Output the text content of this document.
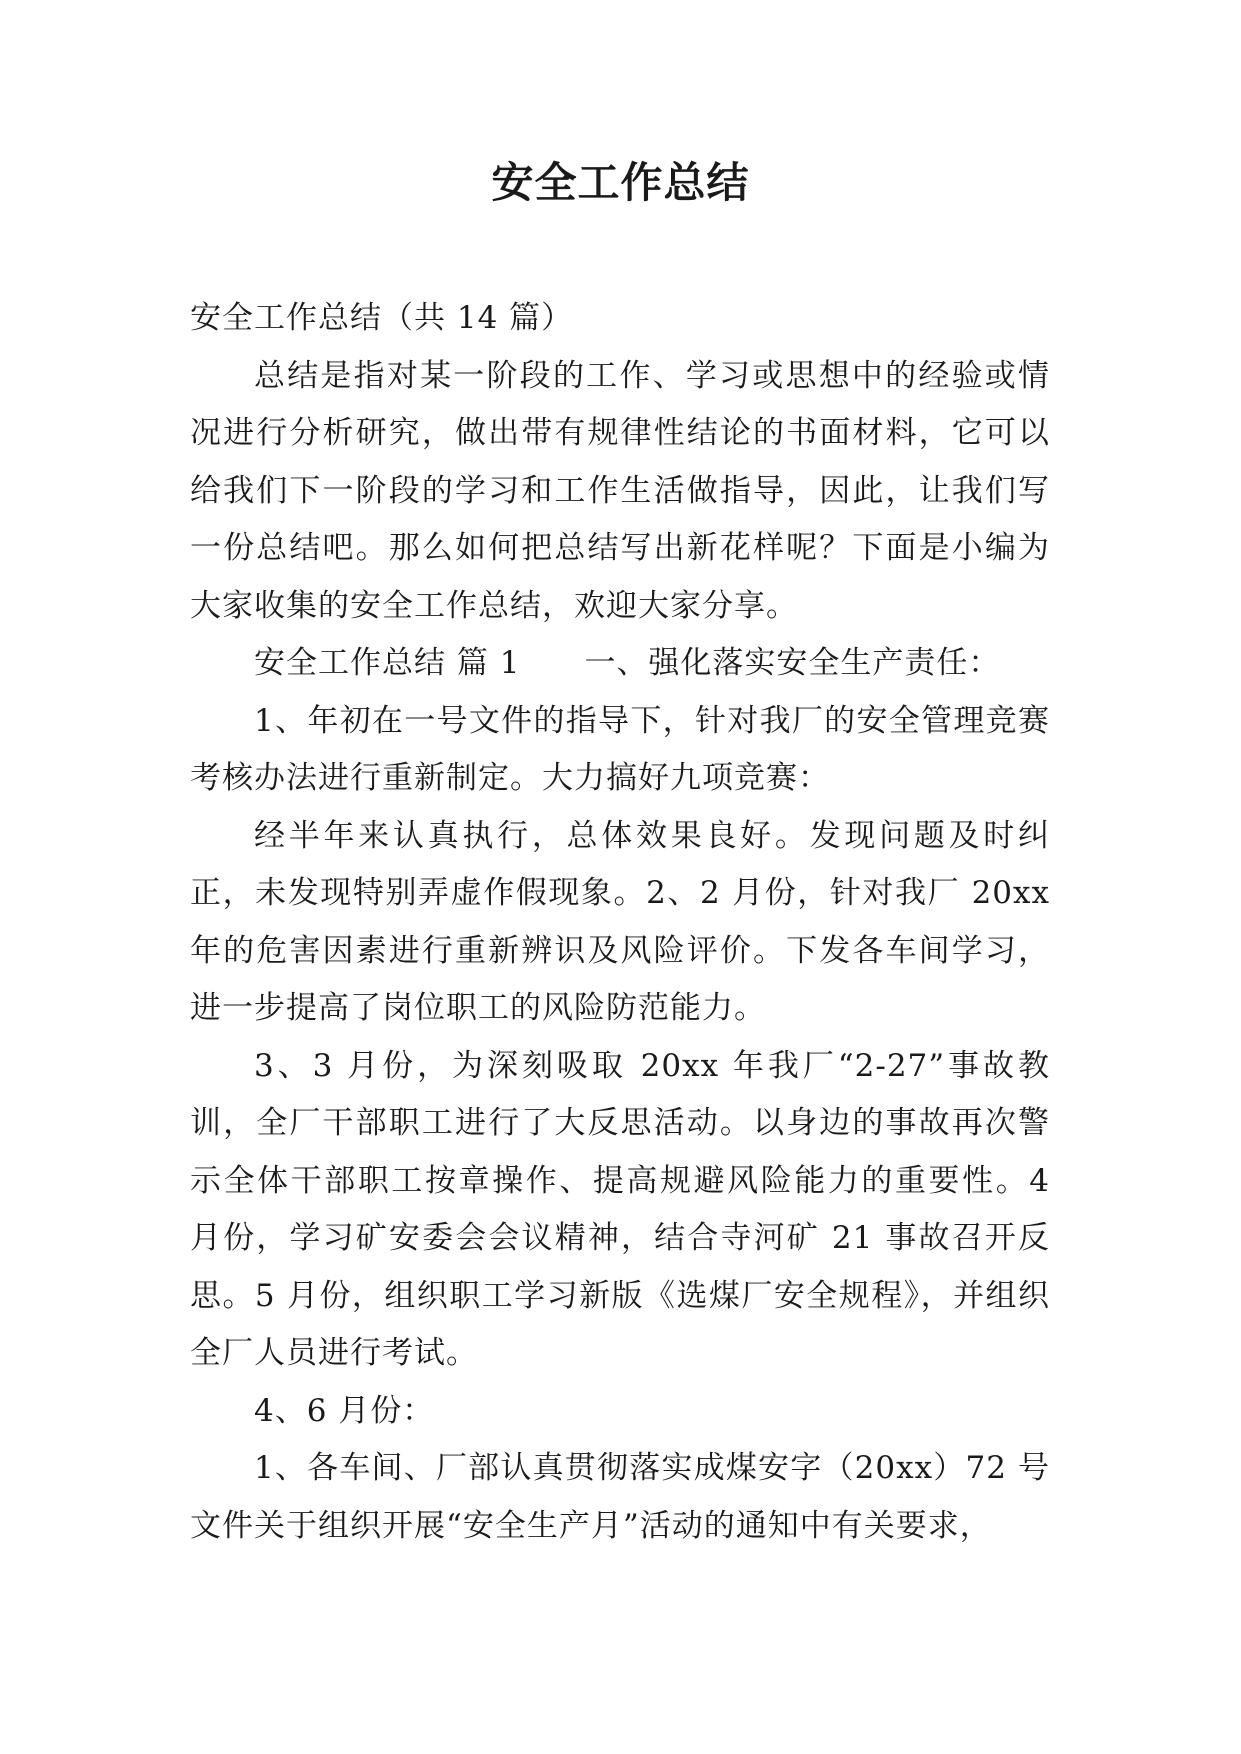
安全工作总结

安全工作总结（共 14 篇）

总结是指对某一阶段的工作、学习或思想中的经验或情况进行分析研究，做出带有规律性结论的书面材料，它可以给我们下一阶段的学习和工作生活做指导，因此，让我们写一份总结吧。那么如何把总结写出新花样呢？下面是小编为大家收集的安全工作总结，欢迎大家分享。

安全工作总结 篇 1 一、强化落实安全生产责任：

1、年初在一号文件的指导下，针对我厂的安全管理竞赛考核办法进行重新制定。大力搞好九项竞赛：

经半年来认真执行，总体效果良好。发现问题及时纠正，未发现特别弄虚作假现象。2、2 月份，针对我厂 20xx 年的危害因素进行重新辨识及风险评价。下发各车间学习，进一步提高了岗位职工的风险防范能力。

3、3 月份，为深刻吸取 20xx 年我厂“2-27”事故教训，全厂干部职工进行了大反思活动。以身边的事故再次警示全体干部职工按章操作、提高规避风险能力的重要性。4 月份，学习矿安委会会议精神，结合寺河矿 21 事故召开反思。5 月份，组织职工学习新版《选煤厂安全规程》，并组织全厂人员进行考试。

4、6 月份：

1、各车间、厂部认真贯彻落实成煤安字（20xx）72 号文件关于组织开展“安全生产月”活动的通知中有关要求，
